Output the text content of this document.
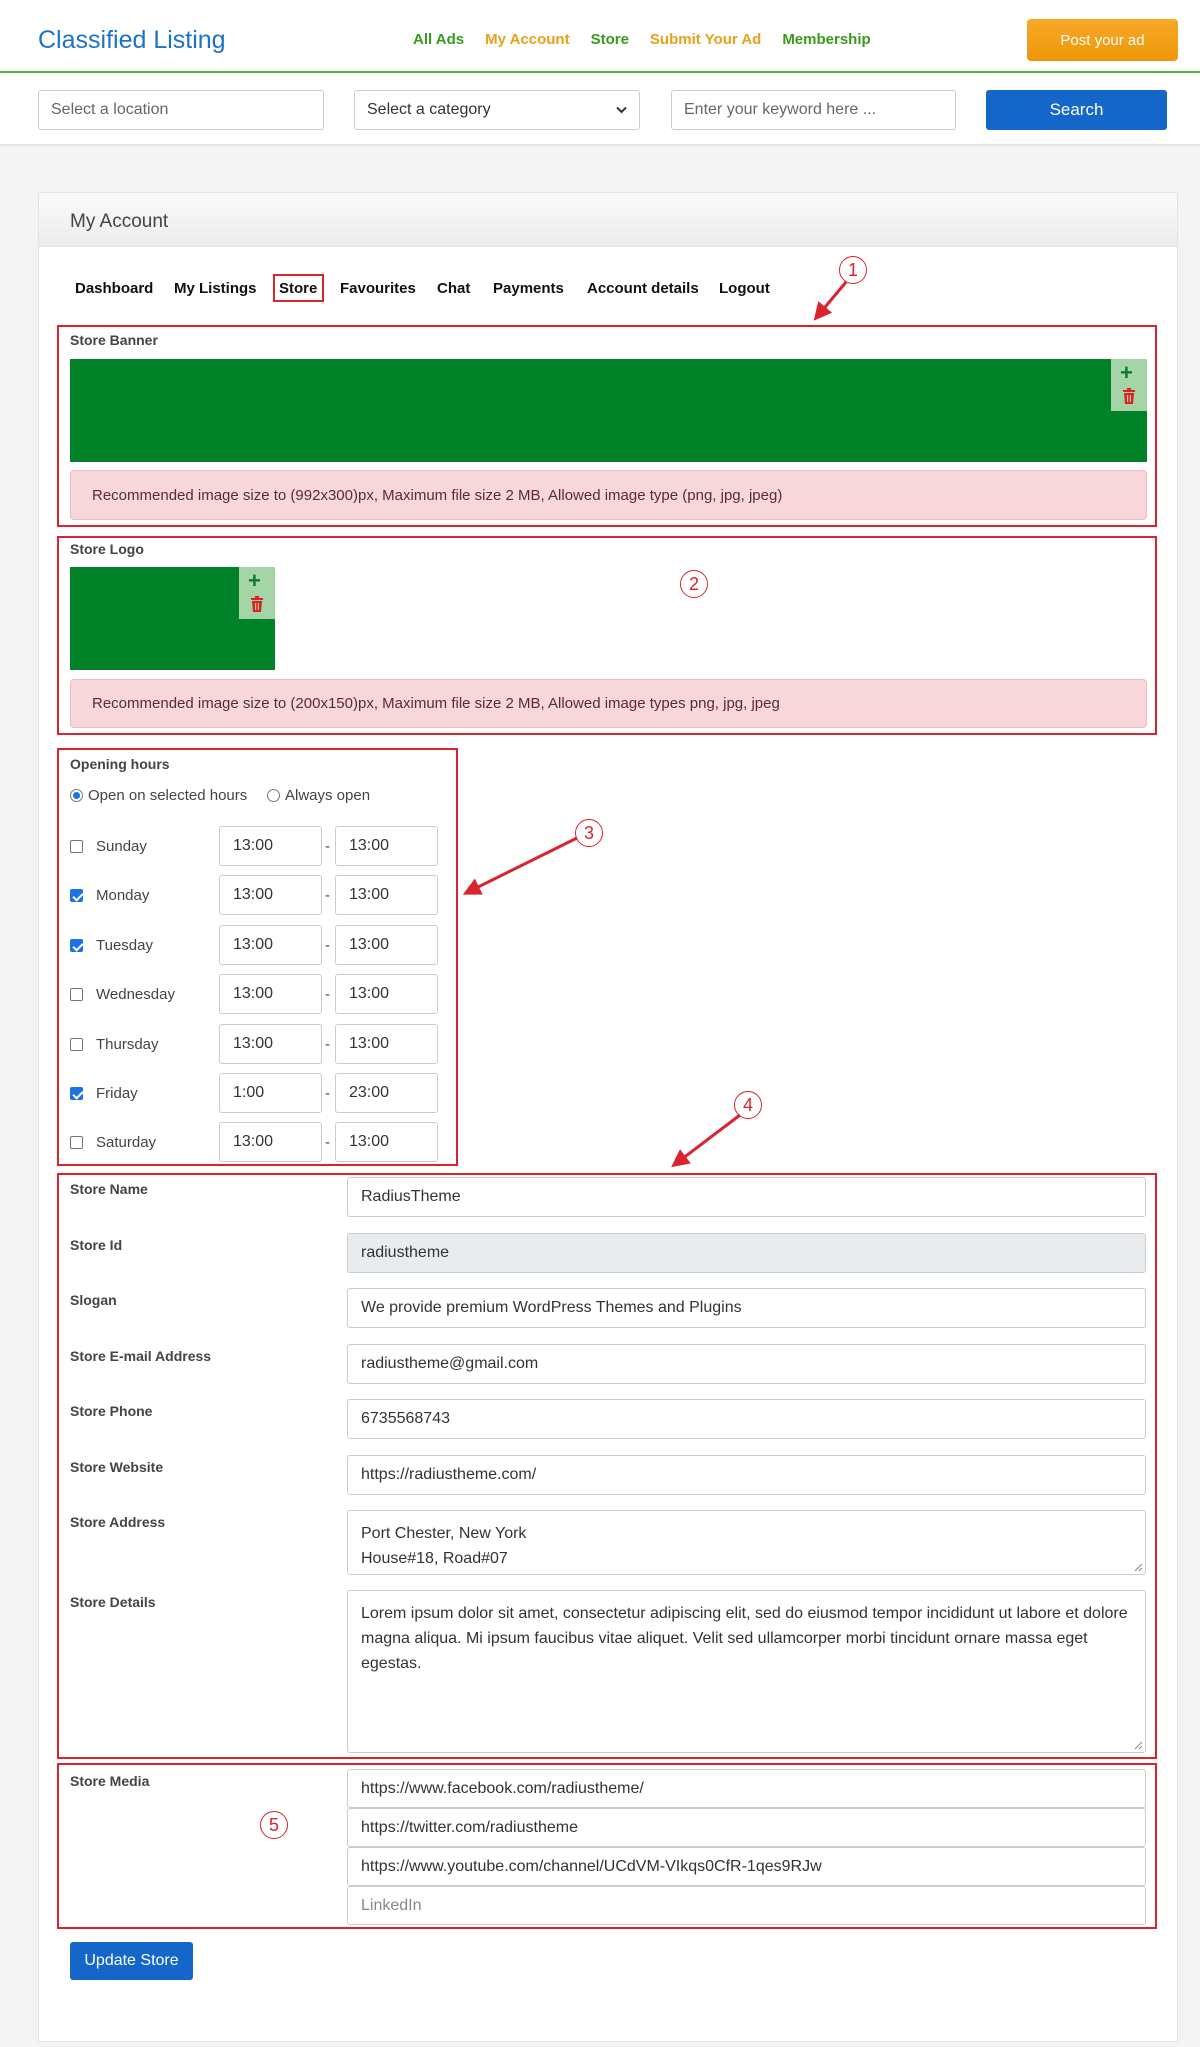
Classified Listing	All Ads My Account Store Submit Your Ad Membership	Post your ad
Select a location	Select a category	Enter your keyword here ...	Search
My Account
Dashboard My Listings Store Favourites Chat Payments Account details Logout
Store Banner
+
Recommended image size to (992x300)px, Maximum file size 2 MB, Allowed image type (png, jpg, jpeg)
Store Logo
+
Recommended image size to (200x150)px, Maximum file size 2 MB, Allowed image types png, jpg, jpeg
Opening hours
Open on selected hours	Always open
Sunday	13:00	-	13:00
Monday	13:00	-	13:00
Tuesday	13:00	-	13:00
Wednesday	13:00	-	13:00
Thursday	13:00	-	13:00
Friday	1:00	-	23:00
Saturday	13:00	-	13:00
Store Name	RadiusTheme
Store Id	radiustheme
Slogan	We provide premium WordPress Themes and Plugins
Store E-mail Address	radiustheme@gmail.com
Store Phone	6735568743
Store Website	https://radiustheme.com/
Store Address
Port Chester, New York
House#18, Road#07
Store Details
Lorem ipsum dolor sit amet, consectetur adipiscing elit, sed do eiusmod tempor incididunt ut labore et dolore magna aliqua. Mi ipsum faucibus vitae aliquet. Velit sed ullamcorper morbi tincidunt ornare massa eget egestas.
Store Media	https://www.facebook.com/radiustheme/
https://twitter.com/radiustheme
https://www.youtube.com/channel/UCdVM-VIkqs0CfR-1qes9RJw
LinkedIn
Update Store
1
2
3
4
5
